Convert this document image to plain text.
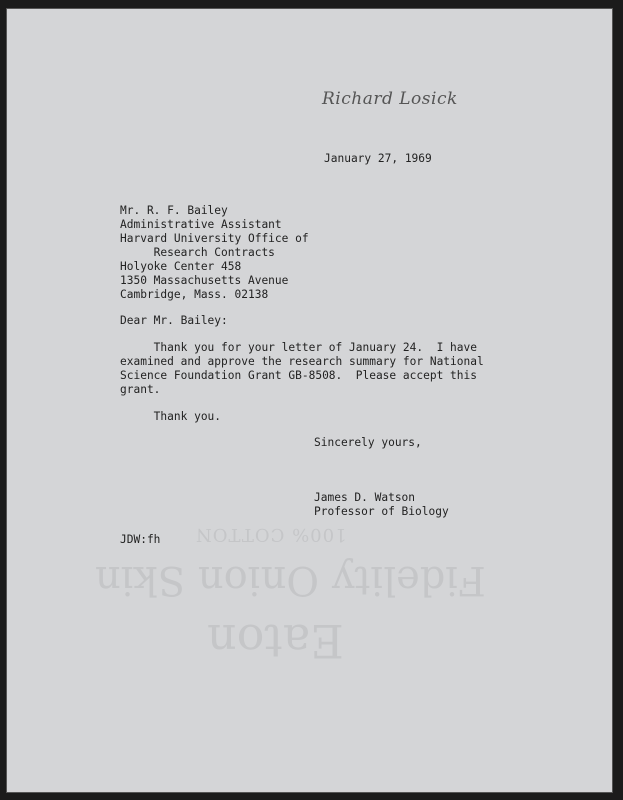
Richard Losick
January 27, 1969
Mr. R. F. Bailey
Administrative Assistant
Harvard University Office of
Research Contracts
Holyoke Center 458
1350 Massachusetts Avenue
Cambridge, Mass. 02138
Dear Mr. Bailey:
Thank you for your letter of January 24.  I have
examined and approve the research summary for National
Science Foundation Grant GB-8508.  Please accept this
grant.
Thank you.
Sincerely yours,
James D. Watson
Professor of Biology
JDW:fh
Eaton
Fidelity Onion Skin
100% COTTON
